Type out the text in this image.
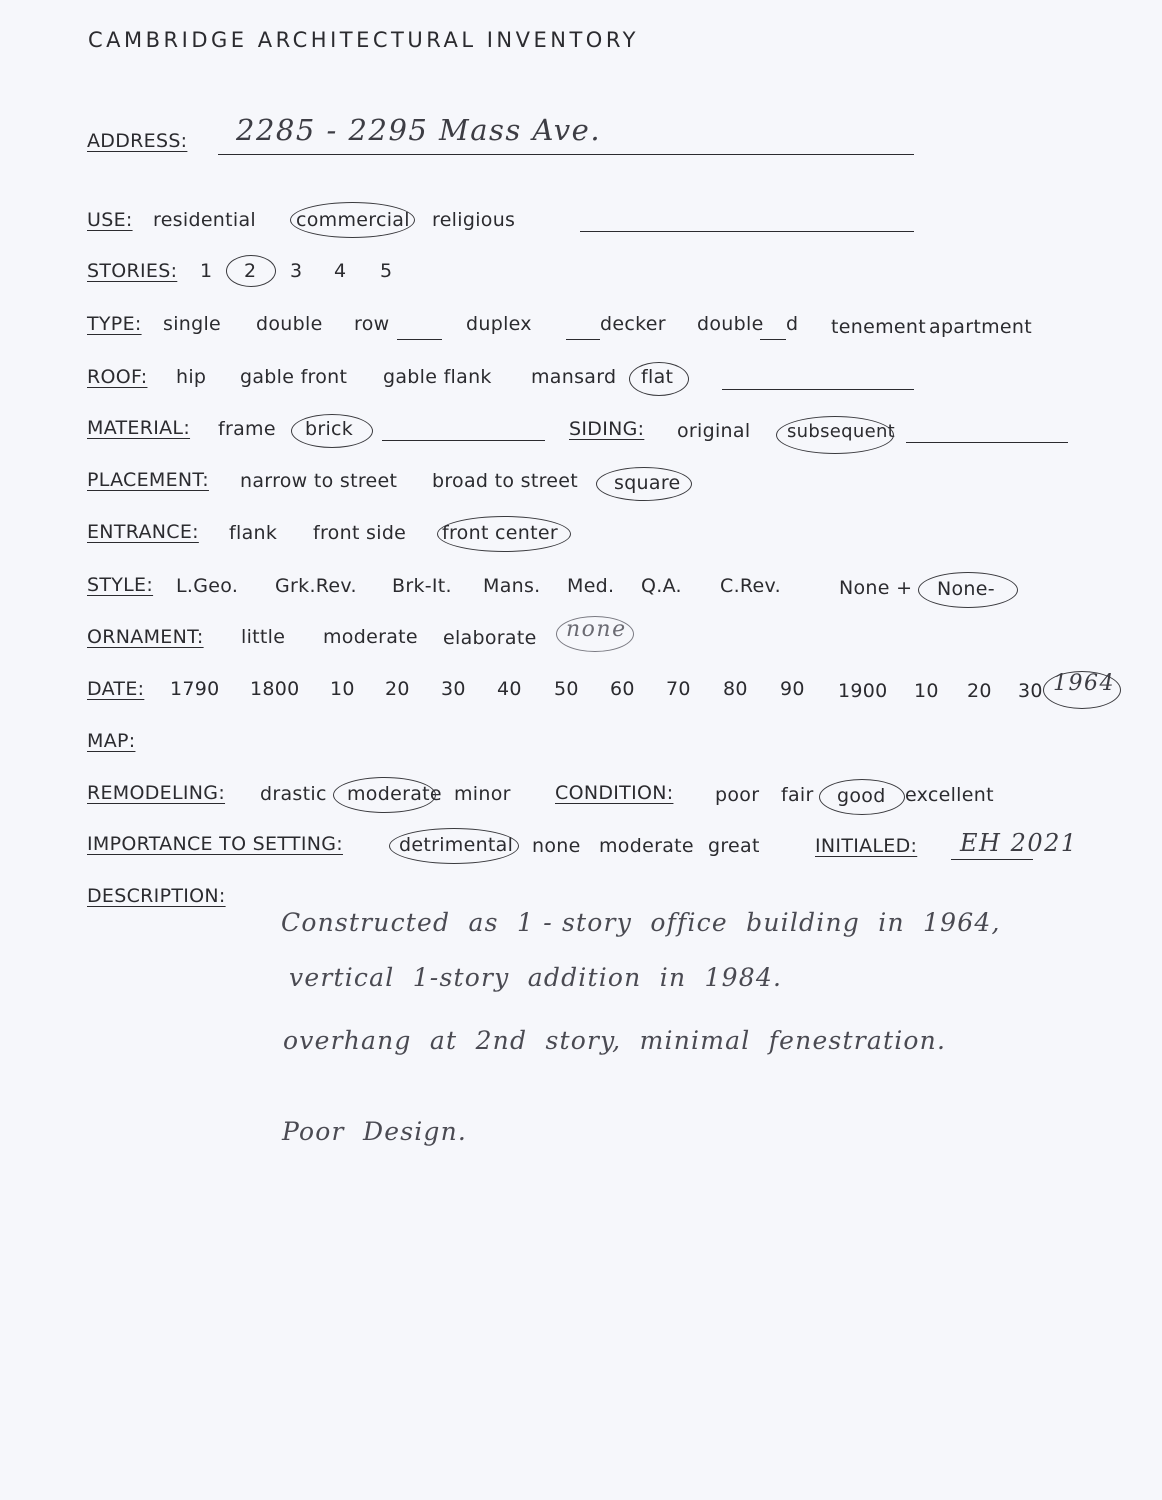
CAMBRIDGE ARCHITECTURAL INVENTORY
ADDRESS: 2285 - 2295 Mass Ave.
USE: residential commercial religious
STORIES: 1 2 3 4 5
TYPE: single double row	duplex	decker double d tenement apartment
ROOF: hip gable front gable flank mansard flat
MATERIAL: frame brick	SIDING: original subsequent
PLACEMENT: narrow to street broad to street square
ENTRANCE: flank front side front center
STYLE: L.Geo. Grk.Rev. Brk-It. Mans. Med. Q.A. C.Rev.	None + None-
ORNAMENT: little moderate elaborate none
DATE: 1790 1800 10 20 30 40 50 60 70 80 90 1900 10 20 30 1964
MAP:
REMODELING: drastic moderate minor CONDITION: poor fair good excellent
IMPORTANCE TO SETTING:	detrimental none moderate great	INITIALED: EH 2021
DESCRIPTION:
Constructed  as  1 - story  office  building  in  1964,
vertical  1-story  addition  in  1984.
overhang  at  2nd  story,  minimal  fenestration.
Poor  Design.
